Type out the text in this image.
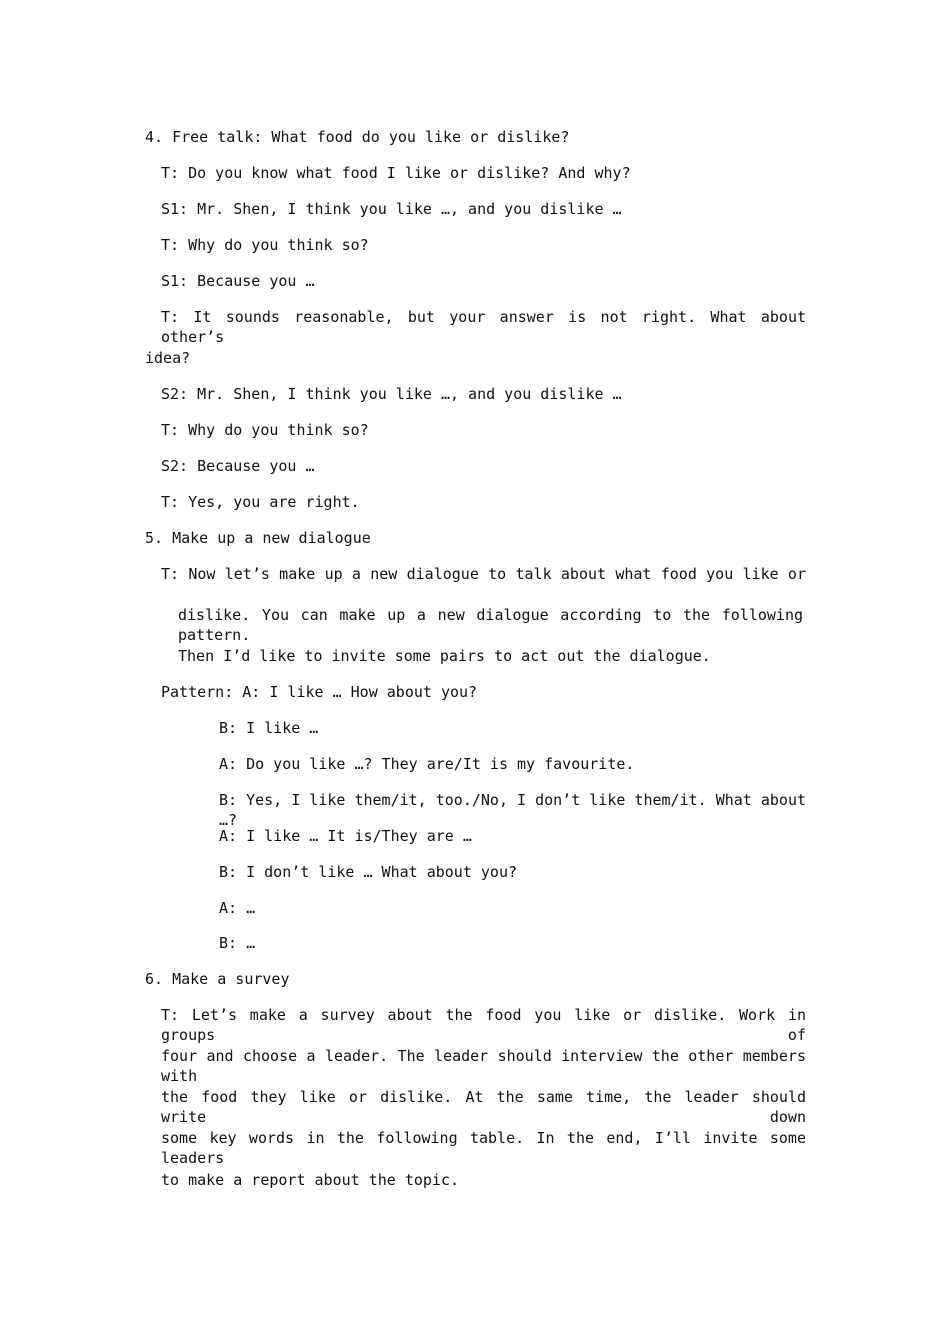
4. Free talk: What food do you like or dislike?

T: Do you know what food I like or dislike? And why?

S1: Mr. Shen, I think you like …, and you dislike …

T: Why do you think so?

S1: Because you …

T: It sounds reasonable, but your answer is not right. What about other’s

idea?

S2: Mr. Shen, I think you like …, and you dislike …

T: Why do you think so?

S2: Because you …

T: Yes, you are right.

5. Make up a new dialogue

T: Now let’s make up a new dialogue to talk about what food you like or

dislike. You can make up a new dialogue according to the following pattern.

Then I’d like to invite some pairs to act out the dialogue.

Pattern: A: I like … How about you?

B: I like …

A: Do you like …? They are/It is my favourite.

B: Yes, I like them/it, too./No, I don’t like them/it. What about …?

A: I like … It is/They are …

B: I don’t like … What about you?

A: …

B: …

6. Make a survey

T: Let’s make a survey about the food you like or dislike. Work in groups of

four and choose a leader. The leader should interview the other members with

the food they like or dislike. At the same time, the leader should write down

some key words in the following table. In the end, I’ll invite some leaders

to make a report about the topic.
